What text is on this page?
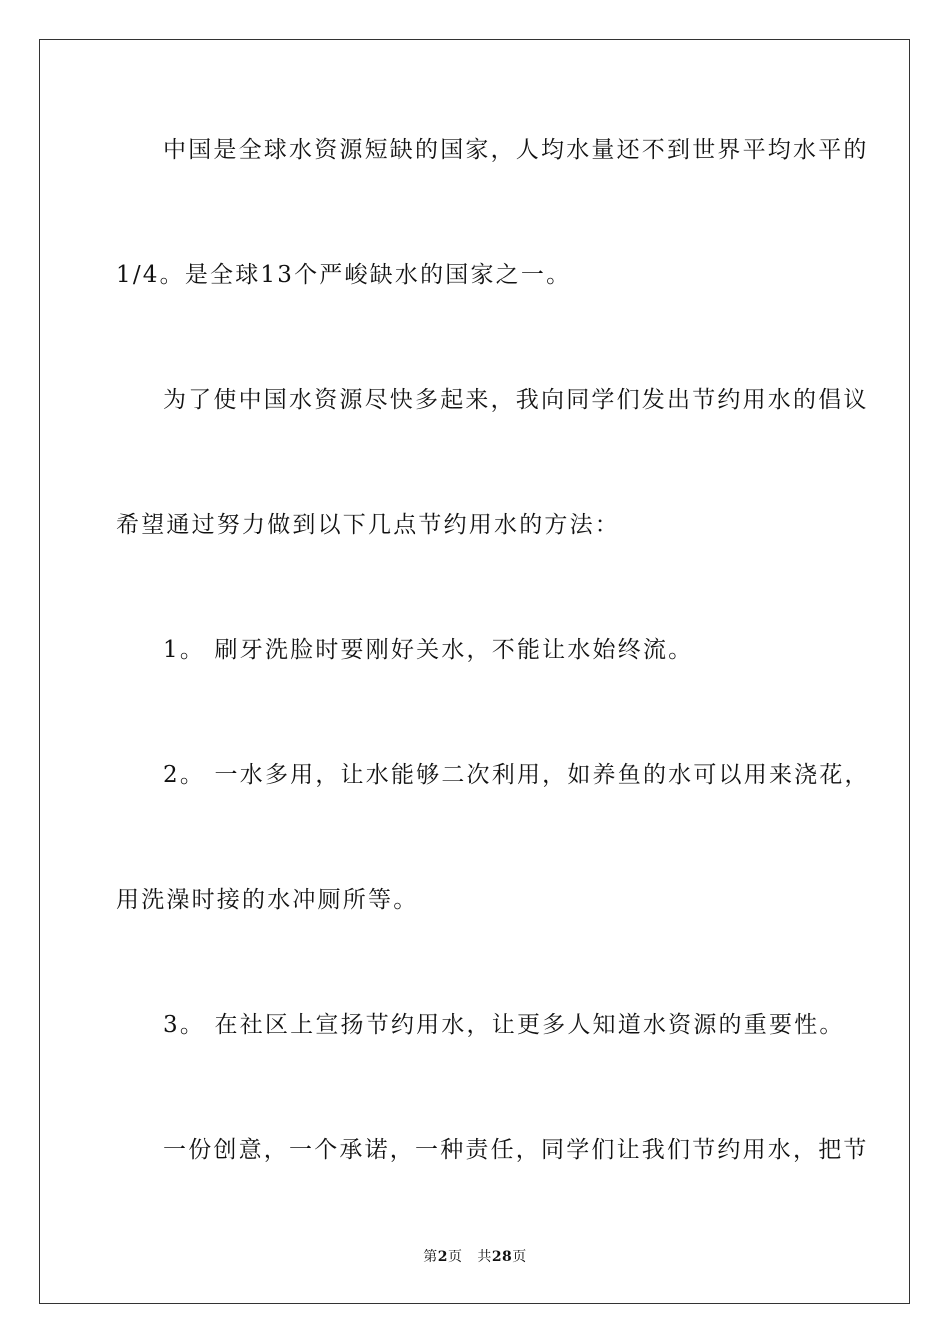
中国是全球水资源短缺的国家，人均水量还不到世界平均水平的
1/4。是全球13个严峻缺水的国家之一。
为了使中国水资源尽快多起来，我向同学们发出节约用水的倡议
希望通过努力做到以下几点节约用水的方法：
1。 刷牙洗脸时要刚好关水，不能让水始终流。
2。 一水多用，让水能够二次利用，如养鱼的水可以用来浇花，
用洗澡时接的水冲厕所等。
3。 在社区上宣扬节约用水，让更多人知道水资源的重要性。
一份创意，一个承诺，一种责任，同学们让我们节约用水，把节
第2页 共28页
